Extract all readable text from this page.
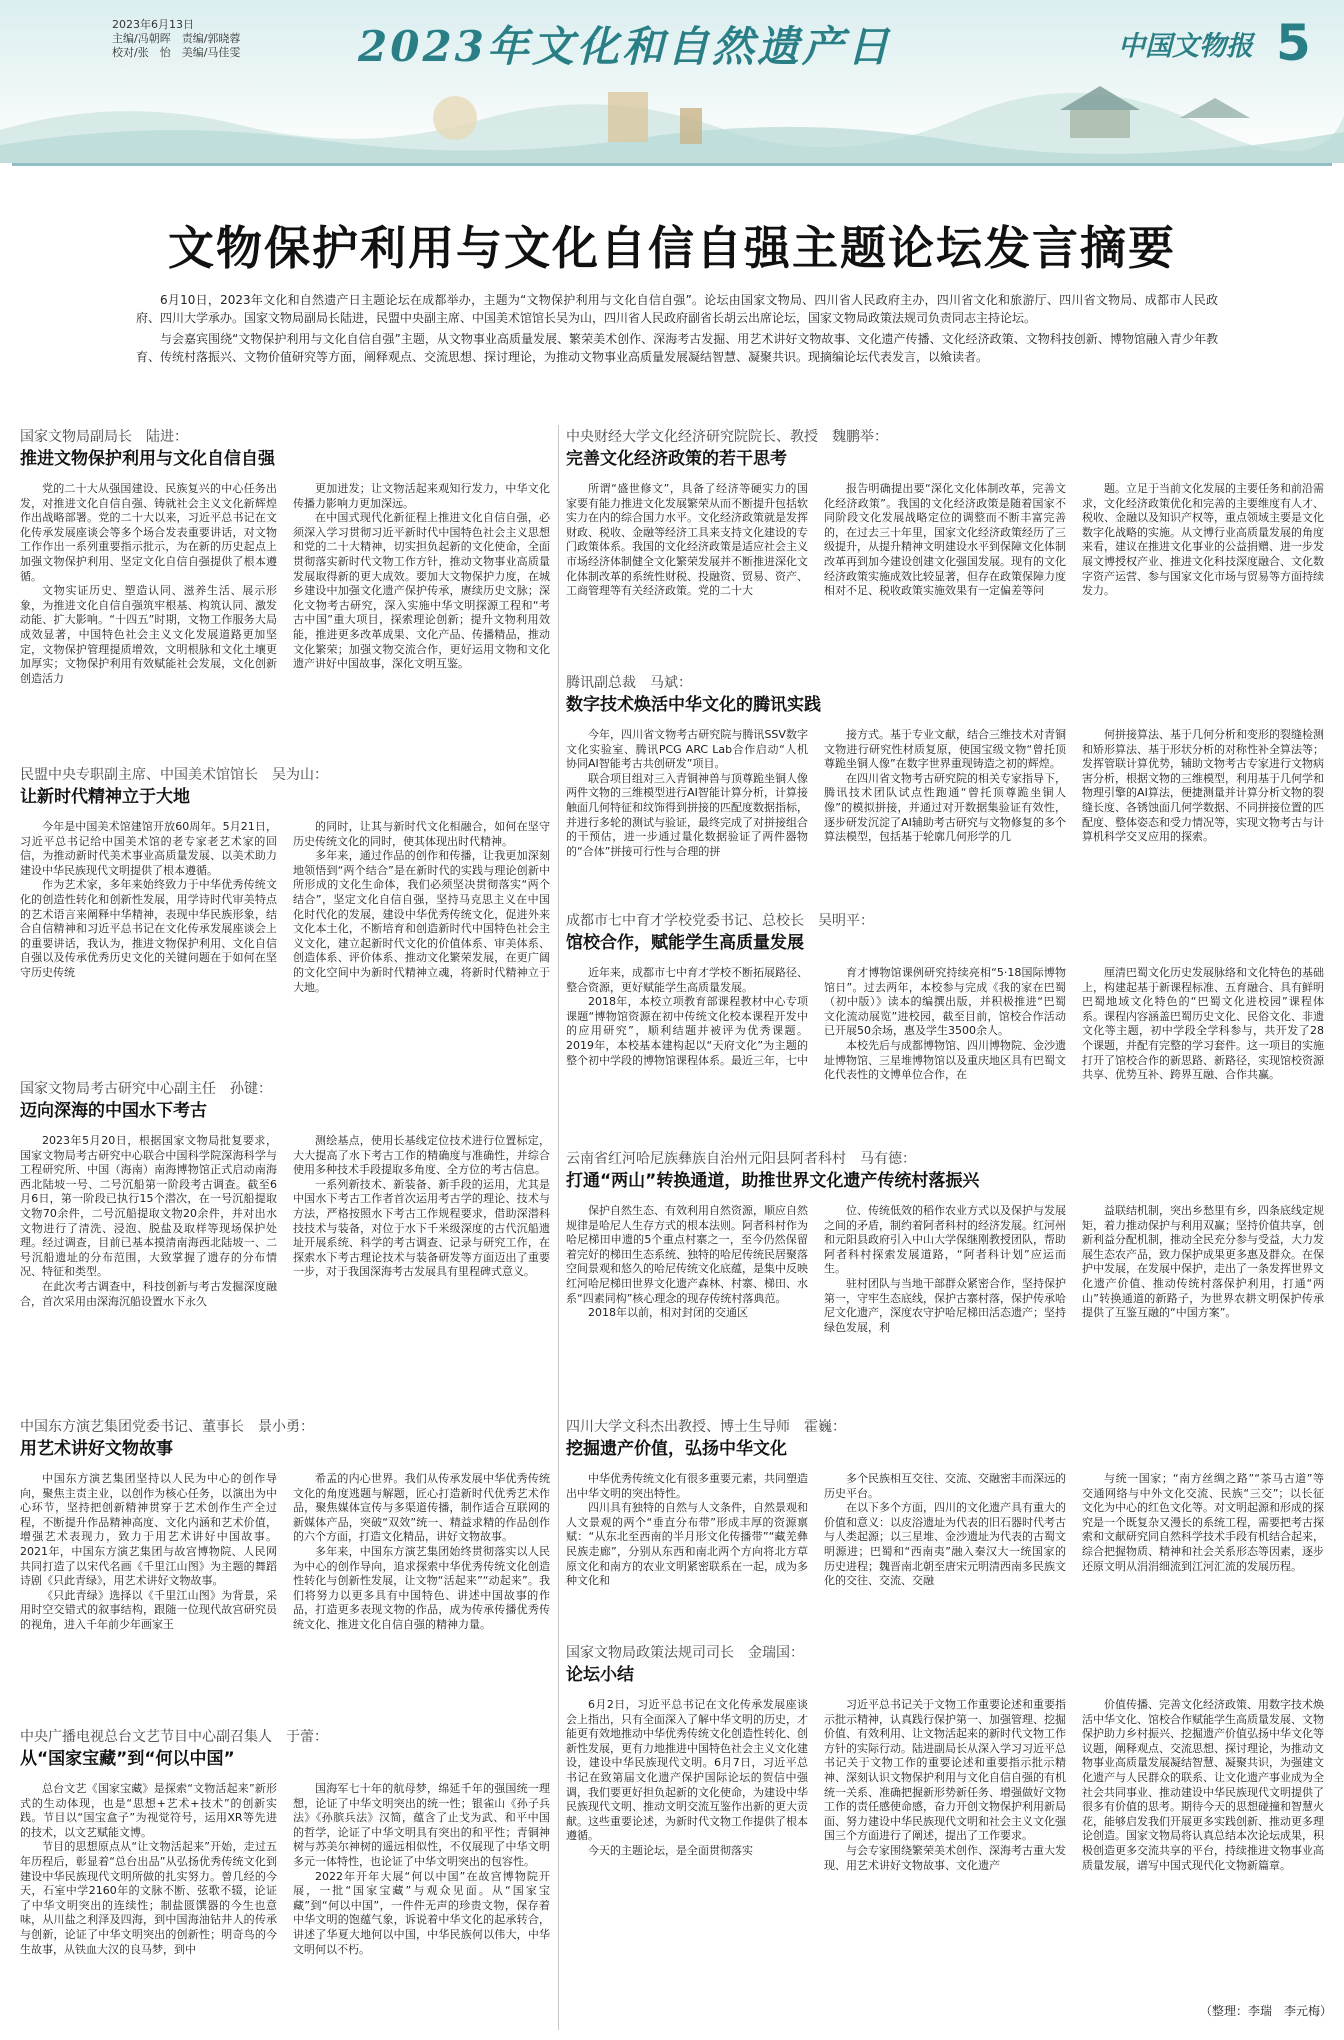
2023年6月13日
主编/冯朝晖　责编/郭晓蓉
校对/张　怡　美编/马佳雯	2023年文化和自然遗产日	中国文物报 5
文物保护利用与文化自信自强主题论坛发言摘要

6月10日，2023年文化和自然遗产日主题论坛在成都举办，主题为“文物保护利用与文化自信自强”。论坛由国家文物局、四川省人民政府主办，四川省文化和旅游厅、四川省文物局、成都市人民政府、四川大学承办。国家文物局副局长陆进，民盟中央副主席、中国美术馆馆长吴为山，四川省人民政府副省长胡云出席论坛，国家文物局政策法规司负责同志主持论坛。

与会嘉宾围绕“文物保护利用与文化自信自强”主题，从文物事业高质量发展、繁荣美术创作、深海考古发掘、用艺术讲好文物故事、文化遗产传播、文化经济政策、文物科技创新、博物馆融入青少年教育、传统村落振兴、文物价值研究等方面，阐释观点、交流思想、探讨理论，为推动文物事业高质量发展凝结智慧、凝聚共识。现摘编论坛代表发言，以飨读者。

国家文物局副局长　陆进：
推进文物保护利用与文化自信自强

党的二十大从强国建设、民族复兴的中心任务出发，对推进文化自信自强、铸就社会主义文化新辉煌作出战略部署。党的二十大以来，习近平总书记在文化传承发展座谈会等多个场合发表重要讲话，对文物工作作出一系列重要指示批示，为在新的历史起点上加强文物保护利用、坚定文化自信自强提供了根本遵循。

文物实证历史、塑造认同、滋养生活、展示形象，为推进文化自信自强筑牢根基、构筑认同、激发动能、扩大影响。“十四五”时期，文物工作服务大局成效显著，中国特色社会主义文化发展道路更加坚定，文物保护管理提质增效，文明根脉和文化土壤更加厚实；文物保护利用有效赋能社会发展，文化创新创造活力

更加迸发；让文物活起来观知行发力，中华文化传播力影响力更加深远。

在中国式现代化新征程上推进文化自信自强，必须深入学习贯彻习近平新时代中国特色社会主义思想和党的二十大精神，切实担负起新的文化使命，全面贯彻落实新时代文物工作方针，推动文物事业高质量发展取得新的更大成效。要加大文物保护力度，在城乡建设中加强文化遗产保护传承，赓续历史文脉；深化文物考古研究，深入实施中华文明探源工程和“考古中国”重大项目，探索理论创新；提升文物利用效能，推进更多改革成果、文化产品、传播精品，推动文化繁荣；加强文物交流合作，更好运用文物和文化遗产讲好中国故事，深化文明互鉴。

民盟中央专职副主席、中国美术馆馆长　吴为山：
让新时代精神立于大地

今年是中国美术馆建馆开放60周年。5月21日，习近平总书记给中国美术馆的老专家老艺术家的回信，为推动新时代美术事业高质量发展、以美术助力建设中华民族现代文明提供了根本遵循。

作为艺术家，多年来始终致力于中华优秀传统文化的创造性转化和创新性发展，用学诗时代审美特点的艺术语言来阐释中华精神，表现中华民族形象，结合自信精神和习近平总书记在文化传承发展座谈会上的重要讲话，我认为，推进文物保护利用、文化自信自强以及传承优秀历史文化的关键问题在于如何在坚守历史传统

的同时，让其与新时代文化相融合，如何在坚守历史传统文化的同时，使其体现出时代精神。

多年来，通过作品的创作和传播，让我更加深刻地领悟到“两个结合”是在新时代的实践与理论创新中所形成的文化生命体，我们必须坚决贯彻落实“两个结合”，坚定文化自信自强，坚持马克思主义在中国化时代化的发展，建设中华优秀传统文化，促进外来文化本土化，不断培育和创造新时代中国特色社会主义文化，建立起新时代文化的价值体系、审美体系、创造体系、评价体系、推动文化繁荣发展，在更广阔的文化空间中为新时代精神立魂，将新时代精神立于大地。

国家文物局考古研究中心副主任　孙键：
迈向深海的中国水下考古

2023年5月20日，根据国家文物局批复要求，国家文物局考古研究中心联合中国科学院深海科学与工程研究所、中国（海南）南海博物馆正式启动南海西北陆坡一号、二号沉船第一阶段考古调查。截至6月6日，第一阶段已执行15个潜次，在一号沉船提取文物70余件，二号沉船提取文物20余件，并对出水文物进行了清洗、浸泡、脱盐及取样等现场保护处理。经过调查，目前已基本摸清南海西北陆坡一、二号沉船遗址的分布范围，大致掌握了遗存的分布情况、特征和类型。

在此次考古调查中，科技创新与考古发掘深度融合，首次采用由深海沉船设置水下永久

测绘基点，使用长基线定位技术进行位置标定，大大提高了水下考古工作的精确度与准确性，并综合使用多种技术手段提取多角度、全方位的考古信息。

一系列新技术、新装备、新手段的运用，尤其是中国水下考古工作者首次运用考古学的理论、技术与方法，严格按照水下考古工作规程要求，借助深潜科技技术与装备，对位于水下千米级深度的古代沉船遗址开展系统、科学的考古调查、记录与研究工作，在探索水下考古理论技术与装备研发等方面迈出了重要一步，对于我国深海考古发展具有里程碑式意义。

中国东方演艺集团党委书记、董事长　景小勇：
用艺术讲好文物故事

中国东方演艺集团坚持以人民为中心的创作导向，聚焦主责主业，以创作为核心任务，以演出为中心环节，坚持把创新精神贯穿于艺术创作生产全过程，不断提升作品精神高度、文化内涵和艺术价值，增强艺术表现力，致力于用艺术讲好中国故事。2021年，中国东方演艺集团与故宫博物院、人民网共同打造了以宋代名画《千里江山图》为主题的舞蹈诗剧《只此青绿》，用艺术讲好文物故事。

《只此青绿》选择以《千里江山图》为背景，采用时空交错式的叙事结构，跟随一位现代故宫研究员的视角，进入千年前少年画家王

希孟的内心世界。我们从传承发展中华优秀传统文化的角度逃题与解题，匠心打造新时代优秀艺术作品，聚焦媒体宣传与多渠道传播，制作适合互联网的新媒体产品，突破“双效”统一、精益求精的作品创作的六个方面，打造文化精品，讲好文物故事。

多年来，中国东方演艺集团始终贯彻落实以人民为中心的创作导向，追求探索中华优秀传统文化创造性转化与创新性发展，让文物“活起来”“动起来”。我们将努力以更多具有中国特色、讲述中国故事的作品，打造更多表现文物的作品，成为传承传播优秀传统文化、推进文化自信自强的精神力量。

中央广播电视总台文艺节目中心副召集人　于蕾：
从“国家宝藏”到“何以中国”

总台文艺《国家宝藏》是探索“文物活起来”新形式的生动体现，也是“思想+艺术+技术”的创新实践。节目以“国宝盒子”为视觉符号，运用XR等先进的技术，以文艺赋能文博。

节目的思想原点从“让文物活起来”开始，走过五年历程后，彰显着“总台出品”从弘扬优秀传统文化到建设中华民族现代文明所做的扎实努力。曾几经的今天，石室中学2160年的文脉不断、弦歌不辍，论证了中华文明突出的连续性；制盐匮馔器的今生也意味，从川盐之利泽及四海，到中国海油钻井人的传承与创新，论证了中华文明突出的创新性；明奇鸟的今生故事，从铁血大汉的良马梦，到中

国海军七十年的航母梦，绵延千年的强国统一理想，论证了中华文明突出的统一性；银雀山《孙子兵法》《孙膑兵法》汉简，蕴含了止戈为武、和平中国的哲学，论证了中华文明具有突出的和平性；青铜神树与苏美尔神树的遥远相似性，不仅展现了中华文明多元一体特性，也论证了中华文明突出的包容性。

2022年开年大展“何以中国”在故宫博物院开展，一批“国家宝藏”与观众见面。从“国家宝藏”到“何以中国”，一件件无声的珍贵文物，保存着中华文明的饱蕴气象，诉说着中华文化的起承转合，讲述了华夏大地何以中国，中华民族何以伟大，中华文明何以不朽。

中央财经大学文化经济研究院院长、教授　魏鹏举：
完善文化经济政策的若干思考

所谓“盛世修文”，具备了经济等硬实力的国家要有能力推进文化发展繁荣从而不断提升包括软实力在内的综合国力水平。文化经济政策就是发挥财政、税收、金融等经济工具来支持文化建设的专门政策体系。我国的文化经济政策是适应社会主义市场经济体制健全文化繁荣发展并不断推进深化文化体制改革的系统性财税、投融资、贸易、资产、工商管理等有关经济政策。党的二十大

报告明确提出要“深化文化体制改革，完善文化经济政策”。我国的文化经济政策是随着国家不同阶段文化发展战略定位的调整而不断丰富完善的，在过去三十年里，国家文化经济政策经历了三级提升，从提升精神文明建设水平到保障文化体制改革再到加今建设创建文化强国发展。现有的文化经济政策实施成效比较显著，但存在政策保障力度相对不足、税收政策实施效果有一定偏差等问

题。立足于当前文化发展的主要任务和前沿需求，文化经济政策优化和完善的主要维度有人才、税收、金融以及知识产权等，重点领域主要是文化数字化战略的实施。从文博行业高质量发展的角度来看，建议在推进文化事业的公益捐赠、进一步发展文博授权产业、推进文化科技深度融合、文化数字资产运营、参与国家文化市场与贸易等方面持续发力。

腾讯副总裁　马斌：
数字技术焕活中华文化的腾讯实践

今年，四川省文物考古研究院与腾讯SSV数字文化实验室、腾讯PCG ARC Lab合作启动“人机协同AI智能考古共创研发”项目。

联合项目组对三入青铜神兽与顶尊跪坐铜人像两件文物的三维模型进行AI智能计算分析，计算接触面几何特征和纹饰得到拼接的匹配度数据指标，并进行多轮的测试与验证，最终完成了对拼接组合的干预估，进一步通过量化数据验证了两件器物的“合体”拼接可行性与合理的拼

接方式。基于专业文献，结合三维技术对青铜文物进行研究性材质复原，使国宝级文物“曾托顶尊跪坐铜人像”在数字世界重现铸造之初的辉煌。

在四川省文物考古研究院的相关专家指导下，腾讯技术团队试点性跑通“曾托顶尊跪坐铜人像”的模拟拼接，并通过对开数据集验证有效性，逐步研发沉淀了AI辅助考古研究与文物修复的多个算法模型，包括基于轮廓几何形学的几

何拼接算法、基于几何分析和变形的裂缝检测和矫形算法、基于形状分析的对称性补全算法等；发挥管联计算优势，辅助文物考古专家进行文物病害分析，根据文物的三维模型，利用基于几何学和物理引擎的AI算法，便捷测量并计算分析文物的裂缝长度、各锈蚀面几何学数据、不同拼接位置的匹配度、整体姿态和受力情况等，实现文物考古与计算机科学交叉应用的探索。

成都市七中育才学校党委书记、总校长　吴明平：
馆校合作，赋能学生高质量发展

近年来，成都市七中育才学校不断拓展路径、整合资源，更好赋能学生高质量发展。

2018年，本校立项教育部课程教材中心专项课题“博物馆资源在初中传统文化校本课程开发中的应用研究”，顺利结题并被评为优秀课题。2019年，本校基本建构起以“天府文化”为主题的整个初中学段的博物馆课程体系。最近三年，七中

育才博物馆课例研究持续亮相“5·18国际博物馆日”。过去两年，本校参与完成《我的家在巴蜀（初中版）》读本的编撰出版，并积极推进“巴蜀文化流动展览”进校园，截至目前，馆校合作活动已开展50余场，惠及学生3500余人。

本校先后与成都博物馆、四川博物院、金沙遗址博物馆、三星堆博物馆以及重庆地区具有巴蜀文化代表性的文博单位合作，在

厘清巴蜀文化历史发展脉络和文化特色的基础上，构建起基于新课程标准、五育融合、具有鲜明巴蜀地域文化特色的“巴蜀文化进校园”课程体系。课程内容涵盖巴蜀历史文化、民俗文化、非遗文化等主题，初中学段全学科参与，共开发了28个课题，并配有完整的学习套件。这一项目的实施打开了馆校合作的新思路、新路径，实现馆校资源共享、优势互补、跨界互融、合作共赢。

云南省红河哈尼族彝族自治州元阳县阿者科村　马有德：
打通“两山”转换通道，助推世界文化遗产传统村落振兴

保护自然生态、有效利用自然资源，顺应自然规律是哈尼人生存方式的根本法则。阿者科村作为哈尼梯田申遗的5个重点村寨之一，至今仍然保留着完好的梯田生态系统、独特的哈尼传统民居聚落空间景观和悠久的哈尼传统文化底蕴，是集中反映红河哈尼梯田世界文化遗产森林、村寨、梯田、水系“四素同构”核心理念的现存传统村落典范。

2018年以前，相对封闭的交通区

位、传统低效的稻作农业方式以及保护与发展之间的矛盾，制约着阿者科村的经济发展。红河州和元阳县政府引入中山大学保继刚教授团队，帮助阿者科村探索发展道路，“阿者科计划”应运而生。

驻村团队与当地干部群众紧密合作，坚持保护第一，守牢生态底线，保护古寨村落，保护传承哈尼文化遗产，深度农守护哈尼梯田活态遗产；坚持绿色发展，利

益联结机制，突出乡愁里有乡，四条底线定规矩，着力推动保护与利用双赢；坚持价值共享，创新利益分配机制，推动全民充分参与受益，大力发展生态农产品，致力保护成果更多惠及群众。在保护中发展，在发展中保护，走出了一条发挥世界文化遗产价值、推动传统村落保护利用，打通“两山”转换通道的新路子，为世界农耕文明保护传承提供了互鉴互融的“中国方案”。

四川大学文科杰出教授、博士生导师　霍巍：
挖掘遗产价值，弘扬中华文化

中华优秀传统文化有很多重要元素，共同塑造出中华文明的突出特性。

四川具有独特的自然与人文条件，自然景观和人文景观的两个“垂直分布带”形成丰厚的资源禀赋：“从东北至西南的半月形文化传播带”“藏羌彝民族走廊”，分别从东西和南北两个方向将北方草原文化和南方的农业文明紧密联系在一起，成为多种文化和

多个民族相互交往、交流、交融密丰而深远的历史平台。

在以下多个方面，四川的文化遗产具有重大的价值和意义：以皮浴遗址为代表的旧石器时代考古与人类起源；以三星堆、金沙遗址为代表的古蜀文明源进；巴蜀和“西南夷”融入秦汉大一统国家的历史进程；魏晋南北朝至唐宋元明清西南多民族文化的交往、交流、交融

与统一国家；“南方丝绸之路”“茶马古道”等交通网络与中外文化交流、民族“三交”；以长征文化为中心的红色文化等。对文明起源和形成的探究是一个既复杂又漫长的系统工程，需要把考古探索和文献研究同自然科学技术手段有机结合起来，综合把握物质、精神和社会关系形态等因素，逐步还原文明从涓涓细流到江河汇流的发展历程。

国家文物局政策法规司司长　金瑞国：
论坛小结

6月2日，习近平总书记在文化传承发展座谈会上指出，只有全面深入了解中华文明的历史，才能更有效地推动中华优秀传统文化创造性转化、创新性发展，更有力地推进中国特色社会主义文化建设，建设中华民族现代文明。6月7日，习近平总书记在致第届文化遗产保护国际论坛的贺信中强调，我们要更好担负起新的文化使命，为建设中华民族现代文明、推动文明交流互鉴作出新的更大贡献。这些重要论述，为新时代文物工作提供了根本遵循。

今天的主题论坛，是全面贯彻落实

习近平总书记关于文物工作重要论述和重要指示批示精神，认真践行保护第一、加强管理、挖掘价值、有效利用、让文物活起来的新时代文物工作方针的实际行动。陆进副局长从深入学习习近平总书记关于文物工作的重要论述和重要指示批示精神、深刻认识文物保护利用与文化自信自强的有机统一关系、准确把握新形势新任务、增强做好文物工作的责任感使命感，奋力开创文物保护利用新局面、努力建设中华民族现代文明和社会主义文化强国三个方面进行了阐述，提出了工作要求。

与会专家围绕繁荣美术创作、深海考古重大发现、用艺术讲好文物故事、文化遗产

价值传播、完善文化经济政策、用数字技术焕活中华文化、馆校合作赋能学生高质量发展、文物保护助力乡村振兴、挖掘遗产价值弘扬中华文化等议题，阐释观点、交流思想、探讨理论，为推动文物事业高质量发展凝结智慧、凝聚共识，为强建文化遗产与人民群众的联系、让文化遗产事业成为全社会共同事业、推动建设中华民族现代文明提供了很多有价值的思考。期待今天的思想碰撞和智慧火花，能够启发我们开展更多实践创新、推动更多理论创造。国家文物局将认真总结本次论坛成果，积极创造更多交流共享的平台，持续推进文物事业高质量发展，谱写中国式现代化文物新篇章。

（整理：李瑞　李元梅）
